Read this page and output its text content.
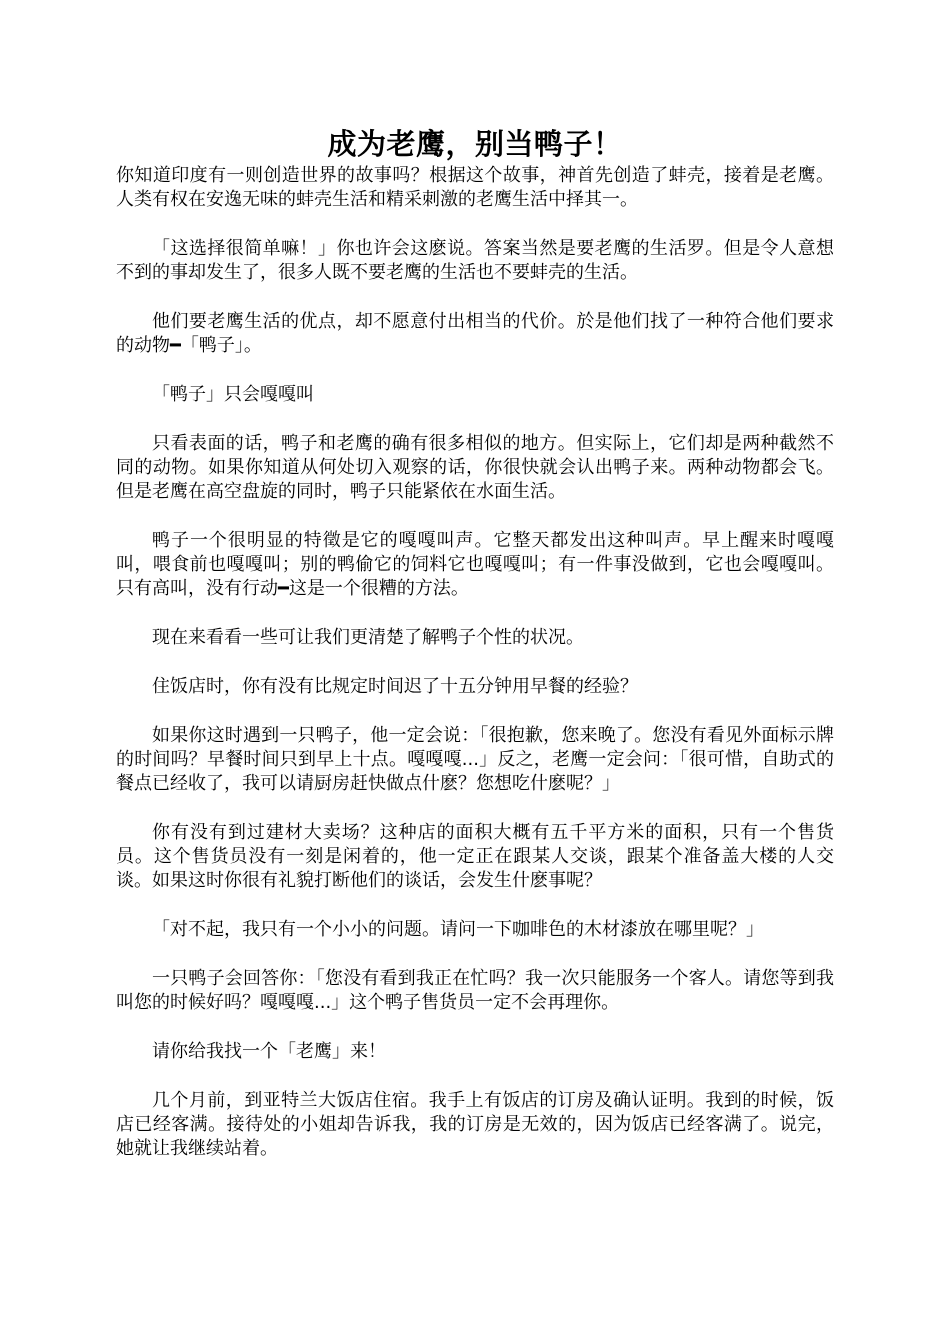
成为老鹰，别当鸭子！

你知道印度有一则创造世界的故事吗？根据这个故事，神首先创造了蚌壳，接着是老鹰。人类有权在安逸无味的蚌壳生活和精采刺激的老鹰生活中择其一。

「这选择很简单嘛！」你也许会这麽说。答案当然是要老鹰的生活罗。但是令人意想不到的事却发生了，很多人既不要老鹰的生活也不要蚌壳的生活。

他们要老鹰生活的优点，却不愿意付出相当的代价。於是他们找了一种符合他们要求的动物━「鸭子」。

「鸭子」只会嘎嘎叫

只看表面的话，鸭子和老鹰的确有很多相似的地方。但实际上，它们却是两种截然不同的动物。如果你知道从何处切入观察的话，你很快就会认出鸭子来。两种动物都会飞。但是老鹰在高空盘旋的同时，鸭子只能紧依在水面生活。

鸭子一个很明显的特徵是它的嘎嘎叫声。它整天都发出这种叫声。早上醒来时嘎嘎叫，喂食前也嘎嘎叫；别的鸭偷它的饲料它也嘎嘎叫；有一件事没做到，它也会嘎嘎叫。只有高叫，没有行动━这是一个很糟的方法。

现在来看看一些可让我们更清楚了解鸭子个性的状况。

住饭店时，你有没有比规定时间迟了十五分钟用早餐的经验？

如果你这时遇到一只鸭子，他一定会说：「很抱歉，您来晚了。您没有看见外面标示牌的时间吗？早餐时间只到早上十点。嘎嘎嘎...」反之，老鹰一定会问：「很可惜，自助式的餐点已经收了，我可以请厨房赶快做点什麽？您想吃什麽呢？」

你有没有到过建材大卖场？这种店的面积大概有五千平方米的面积，只有一个售货员。这个售货员没有一刻是闲着的，他一定正在跟某人交谈，跟某个准备盖大楼的人交谈。如果这时你很有礼貌打断他们的谈话，会发生什麽事呢？

「对不起，我只有一个小小的问题。请问一下咖啡色的木材漆放在哪里呢？」

一只鸭子会回答你：「您没有看到我正在忙吗？我一次只能服务一个客人。请您等到我叫您的时候好吗？嘎嘎嘎...」这个鸭子售货员一定不会再理你。

请你给我找一个「老鹰」来！

几个月前，到亚特兰大饭店住宿。我手上有饭店的订房及确认证明。我到的时候，饭店已经客满。接待处的小姐却告诉我，我的订房是无效的，因为饭店已经客满了。说完，她就让我继续站着。
